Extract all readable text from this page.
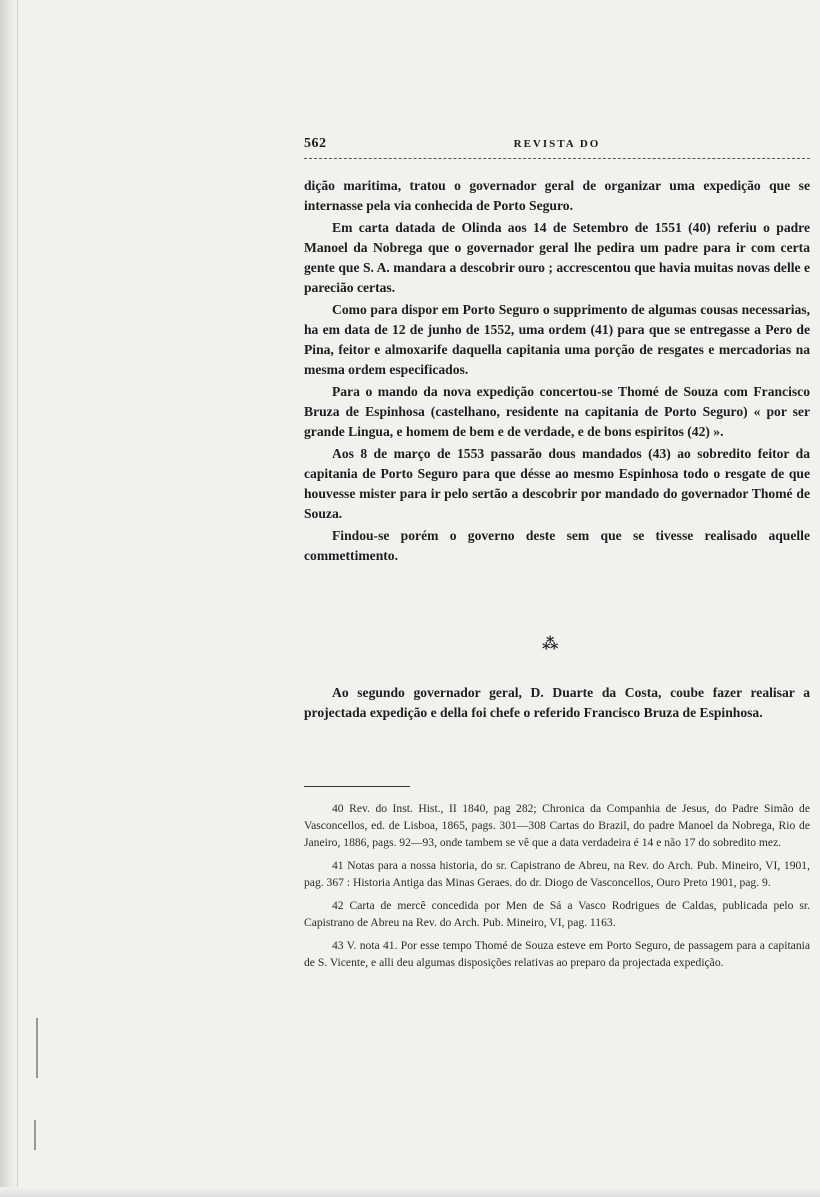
562	REVISTA DO

dição maritima, tratou o governador geral de organizar uma expedição que se internasse pela via conhecida de Porto Seguro.

Em carta datada de Olinda aos 14 de Setembro de 1551 (40) referiu o padre Manoel da Nobrega que o governador geral lhe pedira um padre para ir com certa gente que S. A. mandara a descobrir ouro ; accrescentou que havia muitas novas delle e parecião certas.

Como para dispor em Porto Seguro o supprimento de algumas cousas necessarias, ha em data de 12 de junho de 1552, uma ordem (41) para que se entregasse a Pero de Pina, feitor e almoxarife daquella capitania uma porção de resgates e mercadorias na mesma ordem especificados.

Para o mando da nova expedição concertou-se Thomé de Souza com Francisco Bruza de Espinhosa (castelhano, residente na capitania de Porto Seguro) « por ser grande Lingua, e homem de bem e de verdade, e de bons espiritos (42) ».

Aos 8 de março de 1553 passarão dous mandados (43) ao sobredito feitor da capitania de Porto Seguro para que désse ao mesmo Espinhosa todo o resgate de que houvesse mister para ir pelo sertão a descobrir por mandado do governador Thomé de Souza.

Findou-se porém o governo deste sem que se tivesse realisado aquelle commettimento.

⁂

Ao segundo governador geral, D. Duarte da Costa, coube fazer realisar a projectada expedição e della foi chefe o referido Francisco Bruza de Espinhosa.

40 Rev. do Inst. Hist., II 1840, pag 282; Chronica da Companhia de Jesus, do Padre Simão de Vasconcellos, ed. de Lisboa, 1865, pags. 301—308 Cartas do Brazil, do padre Manoel da Nobrega, Rio de Janeiro, 1886, pags. 92—93, onde tambem se vê que a data verdadeira é 14 e não 17 do sobredito mez.

41 Notas para a nossa historia, do sr. Capistrano de Abreu, na Rev. do Arch. Pub. Mineiro, VI, 1901, pag. 367 : Historia Antiga das Minas Geraes. do dr. Diogo de Vasconcellos, Ouro Preto 1901, pag. 9.

42 Carta de mercê concedida por Men de Sá a Vasco Rodrigues de Caldas, publicada pelo sr. Capistrano de Abreu na Rev. do Arch. Pub. Mineiro, VI, pag. 1163.

43 V. nota 41. Por esse tempo Thomé de Souza esteve em Porto Seguro, de passagem para a capitania de S. Vicente, e alli deu algumas disposições relativas ao preparo da projectada expedição.
